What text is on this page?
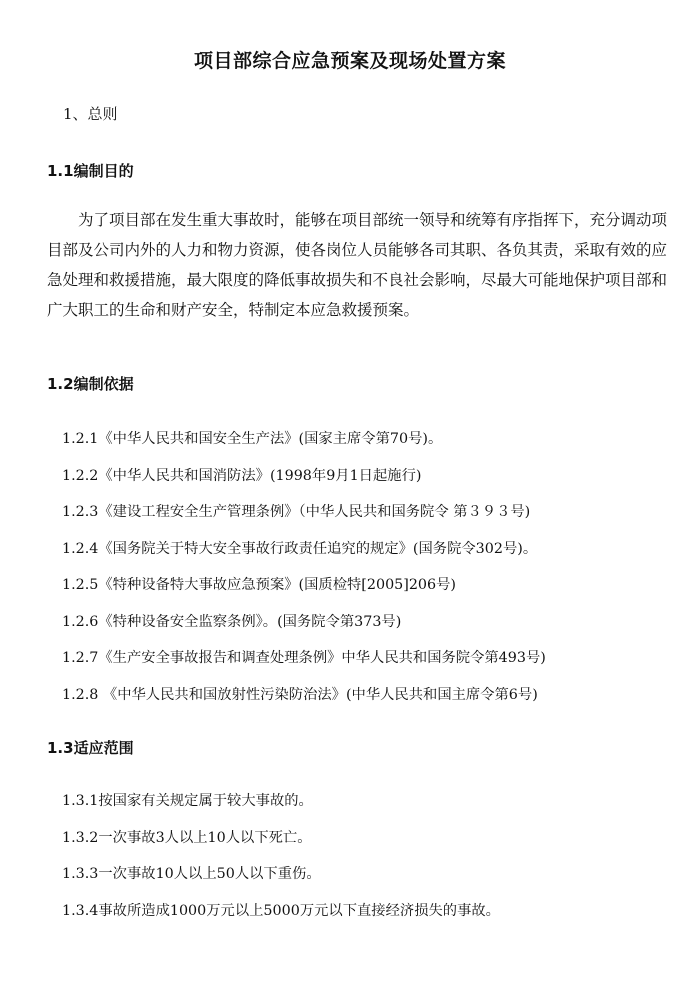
项目部综合应急预案及现场处置方案
1、总则
1.1编制目的

为了项目部在发生重大事故时，能够在项目部统一领导和统筹有序指挥下，充分调动项目部及公司内外的人力和物力资源，使各岗位人员能够各司其职、各负其责，采取有效的应急处理和救援措施，最大限度的降低事故损失和不良社会影响，尽最大可能地保护项目部和广大职工的生命和财产安全，特制定本应急救援预案。

1.2编制依据
1.2.1《中华人民共和国安全生产法》(国家主席令第70号)。
1.2.2《中华人民共和国消防法》(1998年9月1日起施行)
1.2.3《建设工程安全生产管理条例》（中华人民共和国务院令 第３９３号)
1.2.4《国务院关于特大安全事故行政责任追究的规定》(国务院令302号)。
1.2.5《特种设备特大事故应急预案》(国质检特[2005]206号)
1.2.6《特种设备安全监察条例》。(国务院令第373号)
1.2.7《生产安全事故报告和调查处理条例》中华人民共和国务院令第493号)
1.2.8 《中华人民共和国放射性污染防治法》(中华人民共和国主席令第6号)
1.3适应范围
1.3.1按国家有关规定属于较大事故的。
1.3.2一次事故3人以上10人以下死亡。
1.3.3一次事故10人以上50人以下重伤。
1.3.4事故所造成1000万元以上5000万元以下直接经济损失的事故。
